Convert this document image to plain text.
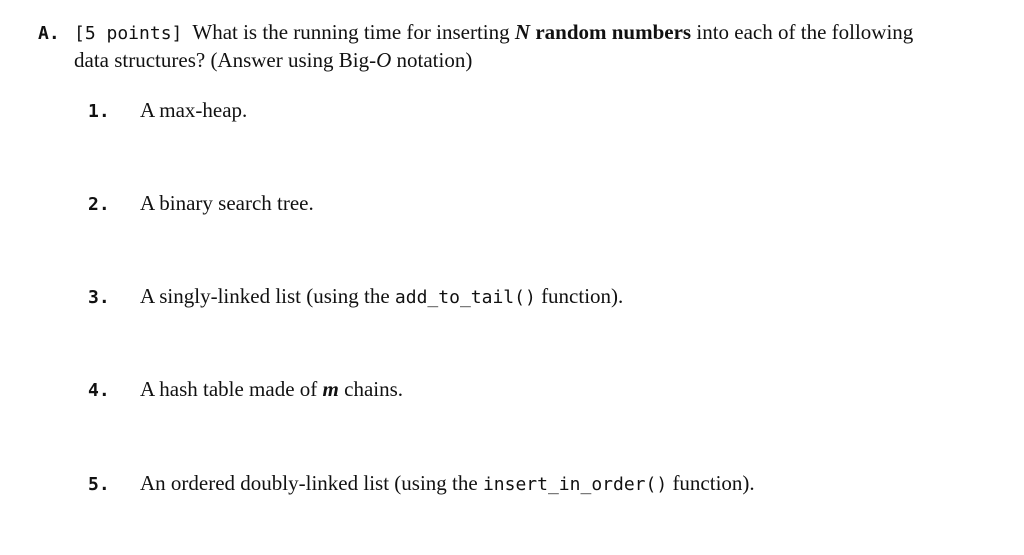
A. [5 points] What is the running time for inserting N random numbers into each of the following
data structures? (Answer using Big-O notation)
1.	A max-heap.
2.	A binary search tree.
3.	A singly-linked list (using the add_to_tail() function).
4.	A hash table made of m chains.
5.	An ordered doubly-linked list (using the insert_in_order() function).
